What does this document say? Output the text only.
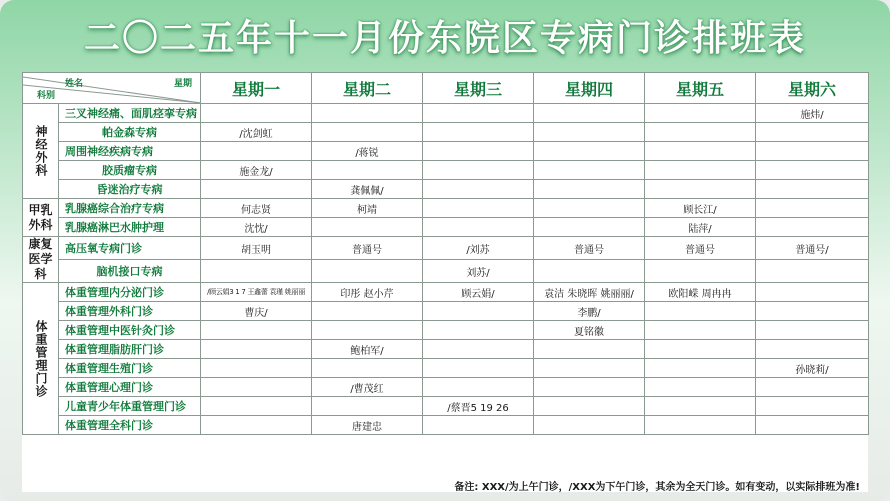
二〇二五年十一月份东院区专病门诊排班表
姓名 星期
科别		星期一	星期二	星期三	星期四	星期五	星期六
神经外科	三叉神经痛、面肌痉挛专病						施炜/
	帕金森专病	/沈剑虹					
	周围神经疾病专病		/蒋锐				
	胶质瘤专病	施金龙/					
	昏迷治疗专病		龚佩佩/				
甲乳外科	乳腺癌综合治疗专病	何志贤	柯靖			顾长江/	
	乳腺癌淋巴水肿护理	沈忱/				陆萍/	
康复医学科	高压氧专病门诊	胡玉明	普通号	/刘苏	普通号	普通号	普通号/
	脑机接口专病			刘苏/			
体重管理门诊	体重管理内分泌门诊	/顾云娟3 1 7 王鑫蕾 袁瑾 姚丽丽	印彤 赵小芹	顾云娟/	袁洁 朱晓晖 姚丽丽/	欧阳嵘 周冉冉	
	体重管理外科门诊	曹庆/			李鹏/		
	体重管理中医针灸门诊				夏铭徽		
	体重管理脂肪肝门诊		鲍柏军/				
	体重管理生殖门诊						孙晓莉/
	体重管理心理门诊		/曹茂红				
	儿童青少年体重管理门诊			/蔡晋5 19 26			
	体重管理全科门诊		唐建忠				
备注: XXX/为上午门诊，/XXX为下午门诊，其余为全天门诊。如有变动，以实际排班为准!
